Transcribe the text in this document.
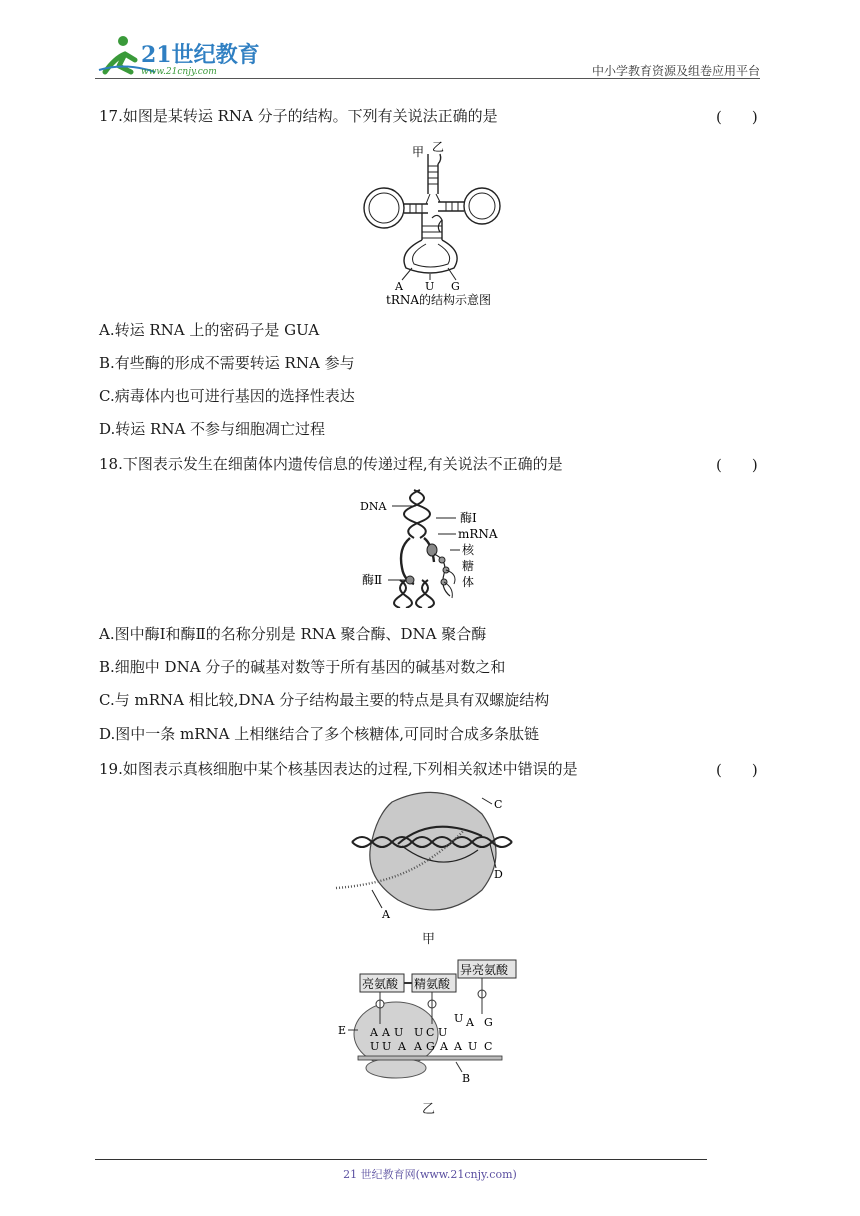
21世纪教育
www.21cnjy.com	中小学教育资源及组卷应用平台
17.如图是某转运 RNA 分子的结构。下列有关说法正确的是	(　　)
甲 乙
A U G
tRNA的结构示意图
A.转运 RNA 上的密码子是 GUA
B.有些酶的形成不需要转运 RNA 参与
C.病毒体内也可进行基因的选择性表达
D.转运 RNA 不参与细胞凋亡过程
18.下图表示发生在细菌体内遗传信息的传递过程,有关说法不正确的是	(　　)
DNA
酶Ⅰ
mRNA
核
糖
体
酶Ⅱ
A.图中酶Ⅰ和酶Ⅱ的名称分别是 RNA 聚合酶、DNA 聚合酶
B.细胞中 DNA 分子的碱基对数等于所有基因的碱基对数之和
C.与 mRNA 相比较,DNA 分子结构最主要的特点是具有双螺旋结构
D.图中一条 mRNA 上相继结合了多个核糖体,可同时合成多条肽链
19.如图表示真核细胞中某个核基因表达的过程,下列相关叙述中错误的是	(　　)
C
D
A
甲
亮氨酸 精氨酸
异亮氨酸
A A U U C U
U A G
U U A A G A A U C
E
B
乙
21 世纪教育网(www.21cnjy.com)
